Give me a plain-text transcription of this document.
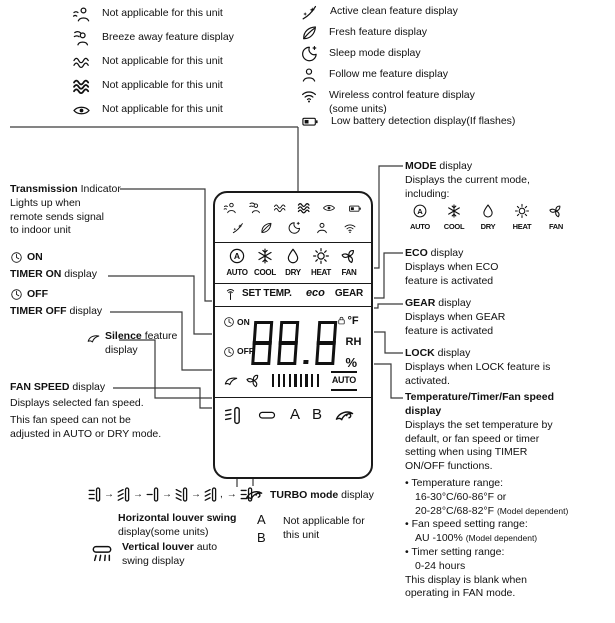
Not applicable for this unit
Breeze away feature display
Not applicable for this unit
Not applicable for this unit
Not applicable for this unit
Active clean feature display
Fresh feature display
Sleep mode display
Follow me feature display
Wireless control feature display (some units)
Low battery detection display(If flashes)
AUTO COOL DRY HEAT FAN
SET TEMP. eco GEAR
ON
OFF
°F
RH
%
AUTO
A B
Transmission Indicator
Lights up when remote sends signal to indoor unit
ON
TIMER ON display
OFF
TIMER OFF display
Silence feature display
FAN SPEED display
Displays selected fan speed.
This fan speed can not be adjusted in AUTO or DRY mode.
MODE display
Displays the current mode, including:
AUTO COOL DRY HEAT FAN
ECO display
Displays when ECO feature is activated
GEAR display
Displays when GEAR feature is activated
LOCK display
Displays when LOCK feature is activated.
Temperature/Timer/Fan speed display
Displays the set temperature by default, or fan speed or timer setting when using TIMER ON/OFF functions.
• Temperature range:
16-30°C/60-86°F or
20-28°C/68-82°F (Model dependent)
• Fan speed setting range:
AU -100% (Model dependent)
• Timer setting range:
0-24 hours
This display is blank when operating in FAN mode.
→ → → → , →	TURBO mode display
Horizontal louver swing
display(some units)
A
B
Not applicable for this unit
Vertical louver auto swing display
